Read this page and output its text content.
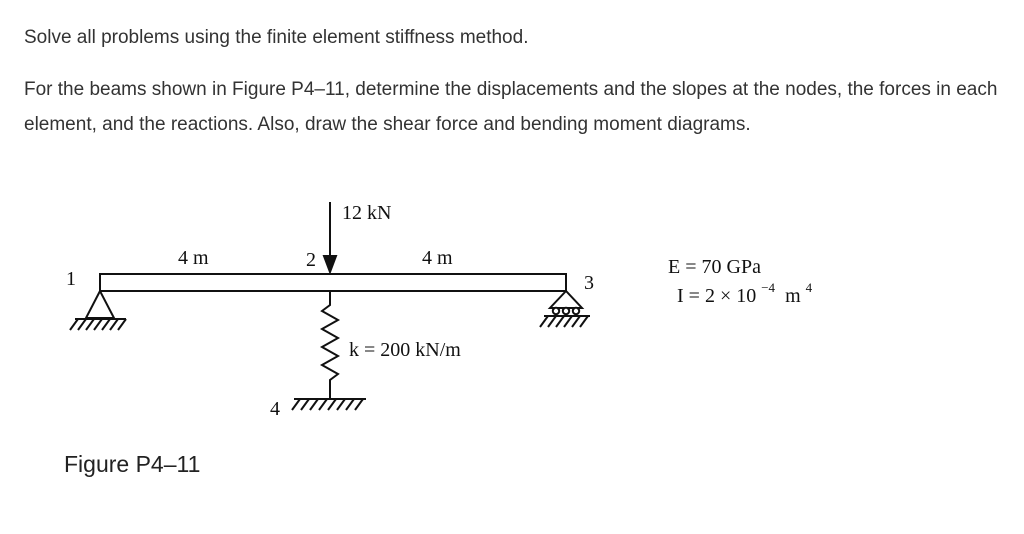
Solve all problems using the finite element stiffness method.

For the beams shown in Figure P4–11, determine the displacements and the slopes at the nodes, the forces in each element, and the reactions. Also, draw the shear force and bending moment diagrams.

12 kN
4 m	4 m
1
2
3
4
k = 200 kN/m
E = 70 GPa
I = 2 × 10 $^{-4}$ m $^4$

Figure P4–11
